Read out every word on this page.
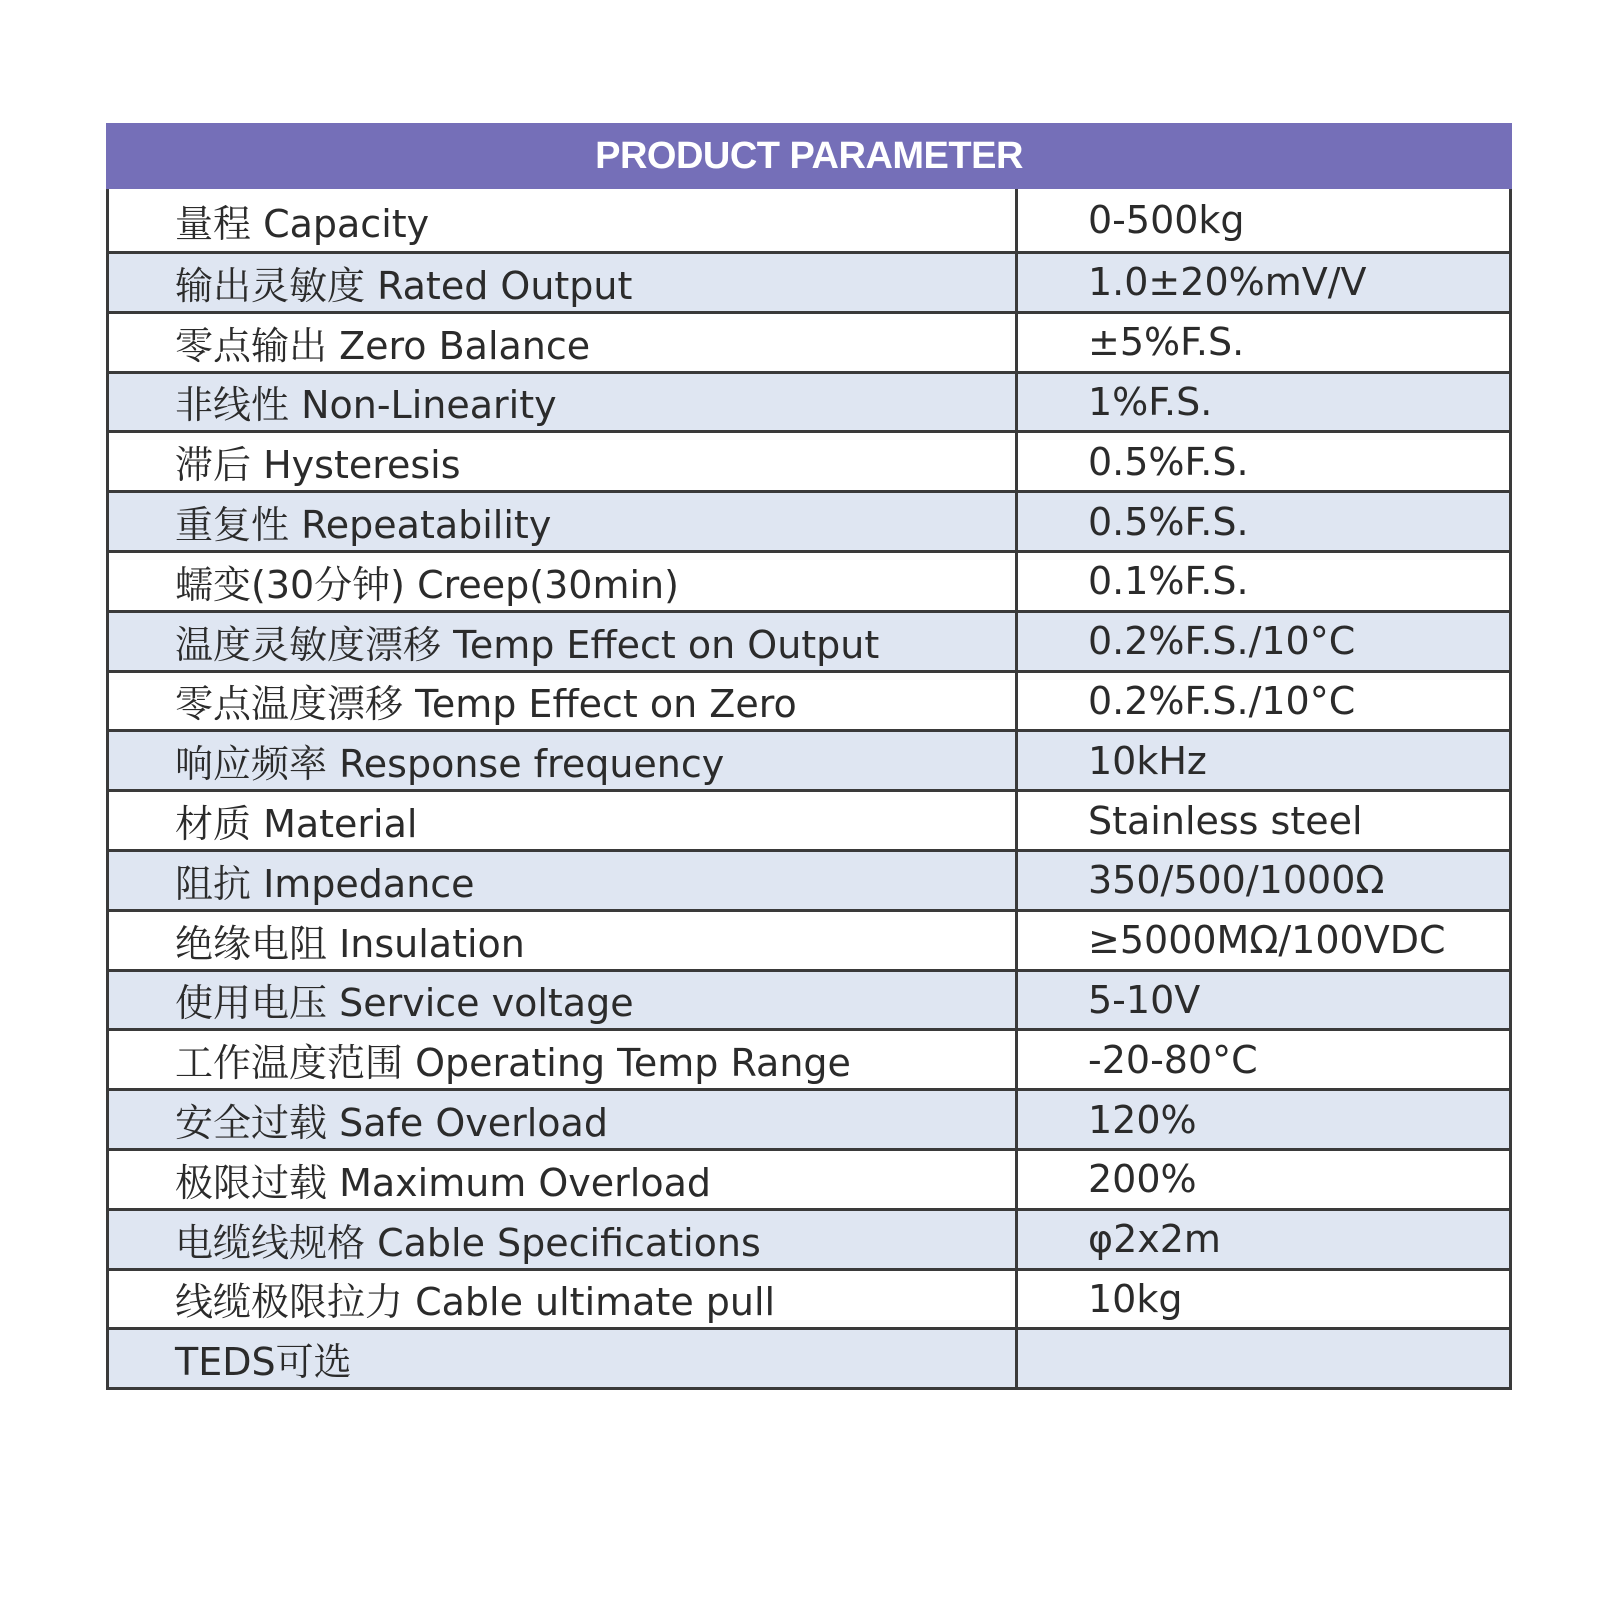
PRODUCT PARAMETER
量程 Capacity	0-500kg
输出灵敏度 Rated Output	1.0±20%mV/V
零点输出 Zero Balance	±5%F.S.
非线性 Non-Linearity	1%F.S.
滞后 Hysteresis	0.5%F.S.
重复性 Repeatability	0.5%F.S.
蠕变(30分钟) Creep(30min)	0.1%F.S.
温度灵敏度漂移 Temp Effect on Output	0.2%F.S./10°C
零点温度漂移 Temp Effect on Zero	0.2%F.S./10°C
响应频率 Response frequency	10kHz
材质 Material	Stainless steel
阻抗 Impedance	350/500/1000Ω
绝缘电阻 Insulation	≥5000MΩ/100VDC
使用电压 Service voltage	5-10V
工作温度范围 Operating Temp Range	-20-80°C
安全过载 Safe Overload	120%
极限过载 Maximum Overload	200%
电缆线规格 Cable Specifications	φ2x2m
线缆极限拉力 Cable ultimate pull	10kg
TEDS可选
